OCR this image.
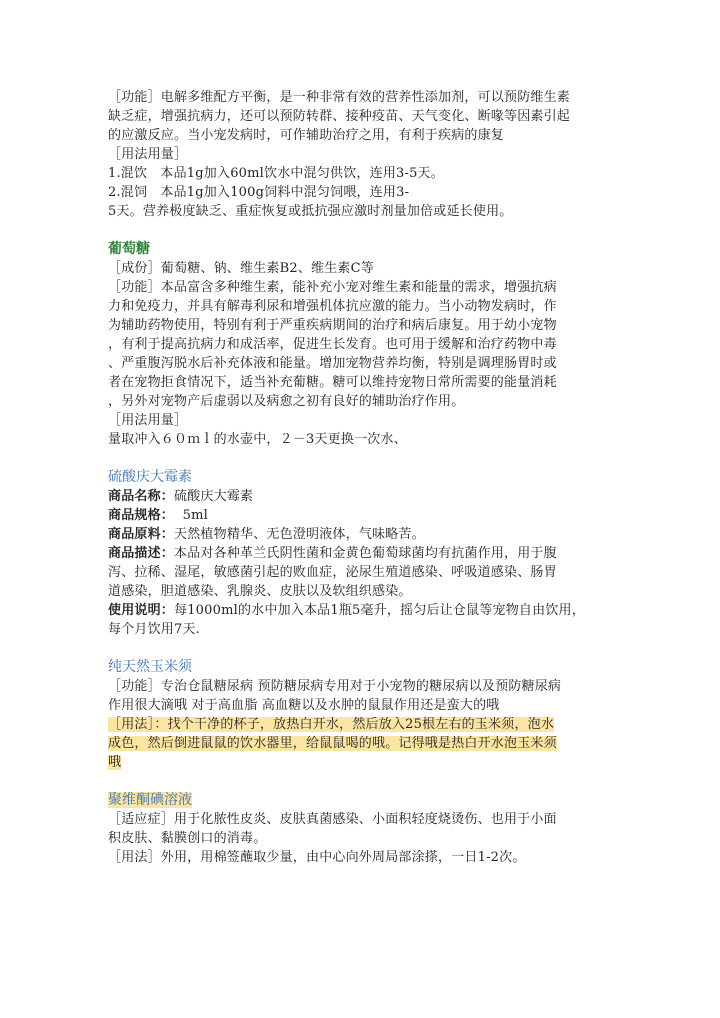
［功能］电解多维配方平衡，是一种非常有效的营养性添加剂，可以预防维生素
缺乏症，增强抗病力，还可以预防转群、接种疫苗、天气变化、断喙等因素引起
的应激反应。当小宠发病时，可作辅助治疗之用，有利于疾病的康复
［用法用量］
1.混饮　本品1g加入60ml饮水中混匀供饮，连用3-5天。
2.混饲　本品1g加入100g饲料中混匀饲喂，连用3-
5天。营养极度缺乏、重症恢复或抵抗强应激时剂量加倍或延长使用。
葡萄糖
［成份］葡萄糖、钠、维生素B2、维生素C等
［功能］本品富含多种维生素，能补充小宠对维生素和能量的需求，增强抗病
力和免疫力，并具有解毒利尿和增强机体抗应激的能力。当小动物发病时，作
为辅助药物使用，特别有利于严重疾病期间的治疗和病后康复。用于幼小宠物
，有利于提高抗病力和成活率，促进生长发育。也可用于缓解和治疗药物中毒
、严重腹泻脱水后补充体液和能量。增加宠物营养均衡，特别是调理肠胃时或
者在宠物拒食情况下，适当补充葡糖。糖可以维持宠物日常所需要的能量消耗
，另外对宠物产后虚弱以及病愈之初有良好的辅助治疗作用。
［用法用量］
量取冲入６０ｍｌ的水壶中，２－3天更换一次水、
硫酸庆大霉素
商品名称：硫酸庆大霉素
商品规格：  5ml
商品原料：天然植物精华、无色澄明液体，气味略苦。
商品描述：本品对各种革兰氏阴性菌和金黄色葡萄球菌均有抗菌作用，用于腹
泻、拉稀、湿尾，敏感菌引起的败血症，泌尿生殖道感染、呼吸道感染、肠胃
道感染，胆道感染、乳腺炎、皮肤以及软组织感染。
使用说明：每1000ml的水中加入本品1瓶5毫升，摇匀后让仓鼠等宠物自由饮用，
每个月饮用7天.
纯天然玉米须
［功能］专治仓鼠糖尿病 预防糖尿病专用对于小宠物的糖尿病以及预防糖尿病
作用很大滴哦 对于高血脂 高血糖以及水肿的鼠鼠作用还是蛮大的哦
［用法］：找个干净的杯子，放热白开水，然后放入25根左右的玉米须，泡水
成色，然后倒进鼠鼠的饮水器里，给鼠鼠喝的哦。记得哦是热白开水泡玉米须
哦
聚维酮碘溶液
［适应症］用于化脓性皮炎、皮肤真菌感染、小面积轻度烧烫伤、也用于小面
积皮肤、黏膜创口的消毒。
［用法］外用，用棉签蘸取少量，由中心向外周局部涂搽，一日1-2次。
